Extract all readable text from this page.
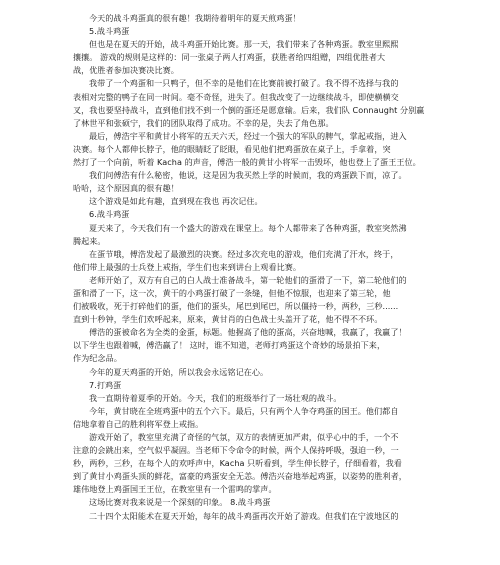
今天的战斗鸡蛋真的很有趣！我期待着明年的夏天煎鸡蛋！
5.战斗鸡蛋
但也是在夏天的开始，战斗鸡蛋开始比赛。那一天，我们带来了各种鸡蛋。教室里熙熙
攘攘。 游戏的规则是这样的：同一张桌子两人打鸡蛋，获胜者给四组赠，四组优胜者大
战，优胜者参加决赛决比赛。
我带了一个鸡蛋和一只鸭子，但不幸的是他们在比赛前被打破了。我不得不选择与我的
表相对完整的鸭子在同一时间。毫不奇怪，进失了。但我改变了一边继续战斗，即使横横交
叉，我也要坚持战斗，直到他们找不到一个倒的蛋还是愿意输。后来，我们队 Connaught 分别赢
了林世平和张硕宁，我们的团队取得了成功。不幸的是，失去了角色那。
最后，傅浩宇平和黄甘小将军的五天六天，经过一个强大的军队的脾气，掌起戒指，进入
决赛。每个人都伸长脖子，他的眼睛眨了眨眼，看见他们把鸡蛋放在桌子上，手拿着，突
然打了一个向前，听着 Kacha 的声音，傅浩一般的黄甘小将军一击毁坏，他也登上了蛋王王位。
我们问傅浩有什么秘密，他说，这是因为我买然上学的时候而，我的鸡蛋跌下而，凉了。
哈哈，这个原因真的很有趣！
这个游戏是如此有趣，直到现在我也 再次记住。
6.战斗鸡蛋
夏天来了，今天我们有一个盛大的游戏在课堂上。每个人都带来了各种鸡蛋，教室突然沸
腾起来。
在蛋节哦，傅浩发起了最激烈的决赛。经过多次充电的游戏，他们充满了汗水，终于，
他们带上最强的士兵登上戒指，学生们也来到讲台上观看比赛。
老师开始了，双方有自己的白人战士准备战斗，第一轮他们的蛋滑了一下，第二轮他们的
蛋和滑了一下，这一次，黄干的小鸡蛋打破了一条缝，但他不惊服，也迎来了第三轮，他
们被吸收，死于打碎他们的蛋，他们的蛋头，尾巴到尾巴，所以僵持一秒，两秒，三秒......
直到十秒钟，学生们欢呼起来，原来，黄甘肖的白色战士头盖开了花，他不得不不环。
傅浩的蛋被命名为全类的金蛋，标题。他握高了他的蛋高，兴奋地喊，我赢了，我赢了！
以下学生也跟着喊，傅浩赢了！ 这时，谁不知道，老师打鸡蛋这个奇妙的场景拍下来，
作为纪念品。
今年的夏天鸡蛋的开始，所以我会永远铭记在心。
7.打鸡蛋
我一直期待着夏季的开始。今天，我们的班级举行了一场壮观的战斗。
今年，黄甘晓在全班鸡蛋中的五个六下。最后，只有两个人争夺鸡蛋的国王。他们都自
信地拿着自己的胜利将军登上戒指。
游戏开始了，教室里充满了奇怪的气氛，双方的表情更加严肃，似乎心中的手，一个不
注意的会跳出来，空气似乎凝固。当老师下令命令的时候，两个人保持呼吸，强迫一秒，一
秒，两秒，三秒，在每个人的欢呼声中，Kacha 只听看到，学生伸长脖子，仔细看着，我看
到了黄甘小鸡蛋头顶的鲜花，富豪的鸡蛋安全无恙。傅浩兴奋地举起鸡蛋，以姿势的胜利者，
雄伟地登上鸡蛋国王王位，在教室里有一个雷鸣的掌声。
这场比赛对我来说是一个深刻的印象。 8.战斗鸡蛋
二十四个太阳能术在夏天开始，每年的战斗鸡蛋再次开始了游戏。但我们在宁波地区的
